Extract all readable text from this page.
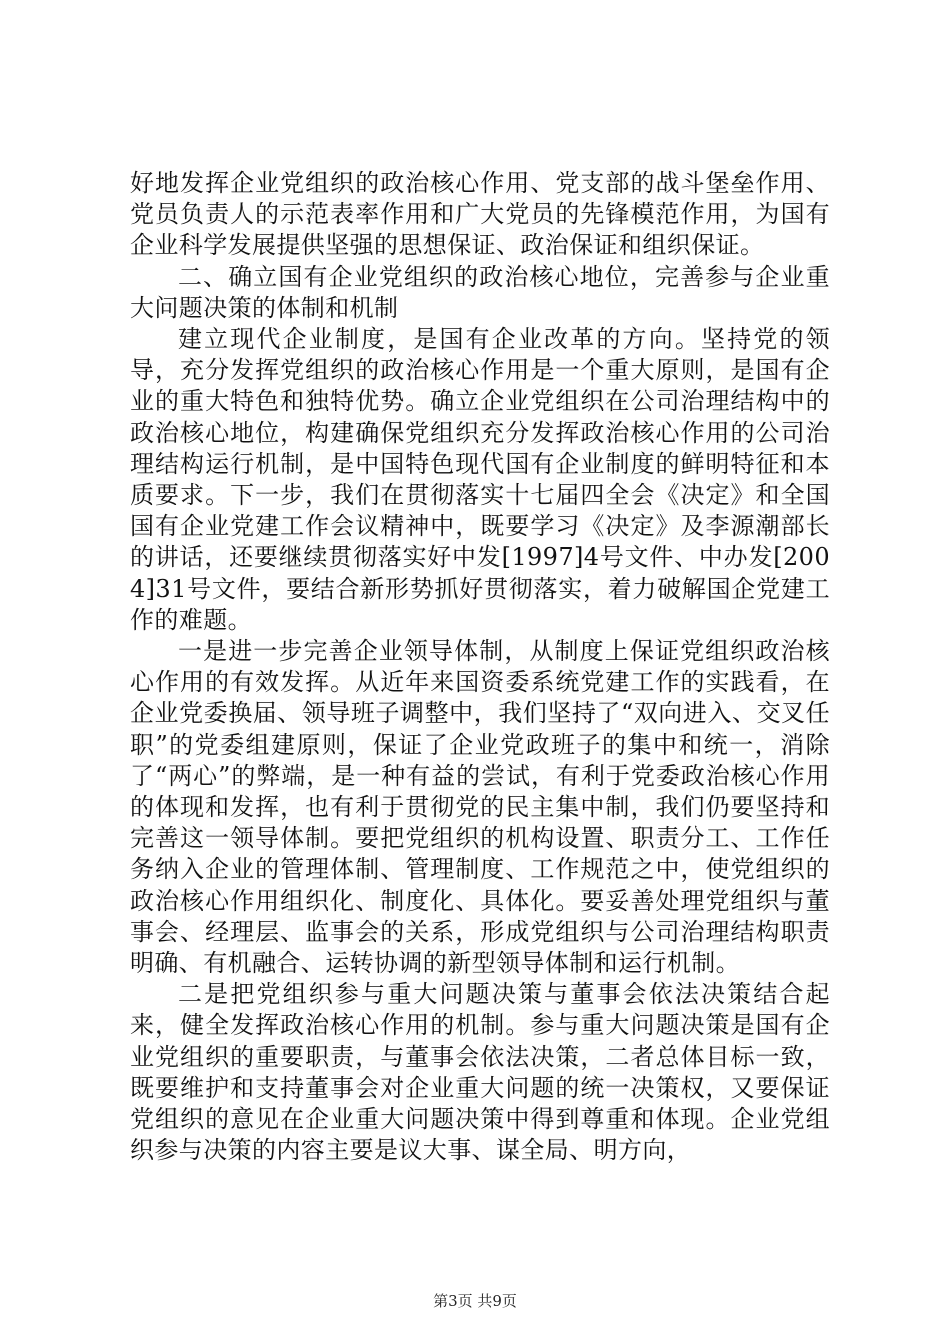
好地发挥企业党组织的政治核心作用、党支部的战斗堡垒作用、党员负责人的示范表率作用和广大党员的先锋模范作用，为国有企业科学发展提供坚强的思想保证、政治保证和组织保证。

二、确立国有企业党组织的政治核心地位，完善参与企业重大问题决策的体制和机制

建立现代企业制度，是国有企业改革的方向。坚持党的领导，充分发挥党组织的政治核心作用是一个重大原则，是国有企业的重大特色和独特优势。确立企业党组织在公司治理结构中的政治核心地位，构建确保党组织充分发挥政治核心作用的公司治理结构运行机制，是中国特色现代国有企业制度的鲜明特征和本质要求。下一步，我们在贯彻落实十七届四全会《决定》和全国国有企业党建工作会议精神中，既要学习《决定》及李源潮部长的讲话，还要继续贯彻落实好中发[1997]4号文件、中办发[2004]31号文件，要结合新形势抓好贯彻落实，着力破解国企党建工作的难题。

一是进一步完善企业领导体制，从制度上保证党组织政治核心作用的有效发挥。从近年来国资委系统党建工作的实践看，在企业党委换届、领导班子调整中，我们坚持了“双向进入、交叉任职”的党委组建原则，保证了企业党政班子的集中和统一，消除了“两心”的弊端，是一种有益的尝试，有利于党委政治核心作用的体现和发挥，也有利于贯彻党的民主集中制，我们仍要坚持和完善这一领导体制。要把党组织的机构设置、职责分工、工作任务纳入企业的管理体制、管理制度、工作规范之中，使党组织的政治核心作用组织化、制度化、具体化。要妥善处理党组织与董事会、经理层、监事会的关系，形成党组织与公司治理结构职责明确、有机融合、运转协调的新型领导体制和运行机制。

二是把党组织参与重大问题决策与董事会依法决策结合起来，健全发挥政治核心作用的机制。参与重大问题决策是国有企业党组织的重要职责，与董事会依法决策，二者总体目标一致，既要维护和支持董事会对企业重大问题的统一决策权，又要保证党组织的意见在企业重大问题决策中得到尊重和体现。企业党组织参与决策的内容主要是议大事、谋全局、明方向，

第3页 共9页
